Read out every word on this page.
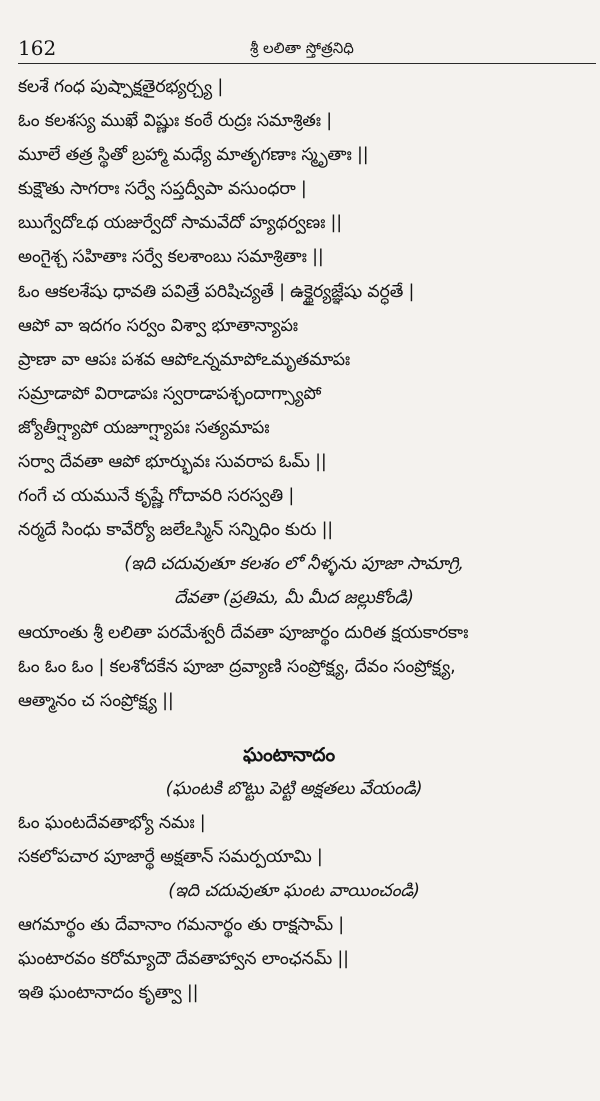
162	శ్రీ లలితా స్తోత్రనిధి
కలశే గంధ పుష్పాక్షతైరభ్యర్చ్య |
ఓం కలశస్య ముఖే విష్ణుః కంఠే రుద్రః సమాశ్రితః |
మూలే తత్ర స్థితో బ్రహ్మా మధ్యే మాతృగణాః స్మృతాః ||
కుక్షౌతు సాగరాః సర్వే సప్తద్వీపా వసుంధరా |
ఋగ్వేదోఽథ యజుర్వేదో సామవేదో హ్యథర్వణః ||
అంగైశ్చ సహితాః సర్వే కలశాంబు సమాశ్రితాః ||
ఓం ఆకలశేషు ధావతి పవిత్రే పరిషిచ్యతే | ఉక్థైర్యజ్ఞేషు వర్ధతే |
ఆపో వా ఇదగం సర్వం విశ్వా భూతాన్యాపః
ప్రాణా వా ఆపః పశవ ఆపోఽన్నమాపోఽమృతమాపః
సమ్రాడాపో విరాడాపః స్వరాడాపశ్ఛందాగ్స్యాపో
జ్యోతీగ్ష్యాపో యజూగ్ష్యాపః సత్యమాపః
సర్వా దేవతా ఆపో భూర్భువః సువరాప ఓమ్ ||
గంగే చ యమునే కృష్ణే గోదావరి సరస్వతి |
నర్మదే సింధు కావేర్యో జలేఽస్మిన్ సన్నిధిం కురు ||
(ఇది చదువుతూ కలశం లో నీళ్ళను పూజా సామాగ్రి,
దేవతా (ప్రతిమ, మీ మీద జల్లుకోండి)
ఆయాంతు శ్రీ లలితా పరమేశ్వరీ దేవతా పూజార్థం దురిత క్షయకారకాః
ఓం ఓం ఓం | కలశోదకేన పూజా ద్రవ్యాణి సంప్రోక్ష్య, దేవం సంప్రోక్ష్య,
ఆత్మానం చ సంప్రోక్ష్య ||
ఘంటానాదం
(ఘంటకి బొట్టు పెట్టి అక్షతలు వేయండి)
ఓం ఘంటదేవతాభ్యో నమః |
సకలోపచార పూజార్థే అక్షతాన్ సమర్పయామి |
(ఇది చదువుతూ ఘంట వాయించండి)
ఆగమార్థం తు దేవానాం గమనార్థం తు రాక్షసామ్ |
ఘంటారవం కరోమ్యాదౌ దేవతాహ్వాన లాంఛనమ్ ||
ఇతి ఘంటానాదం కృత్వా ||
